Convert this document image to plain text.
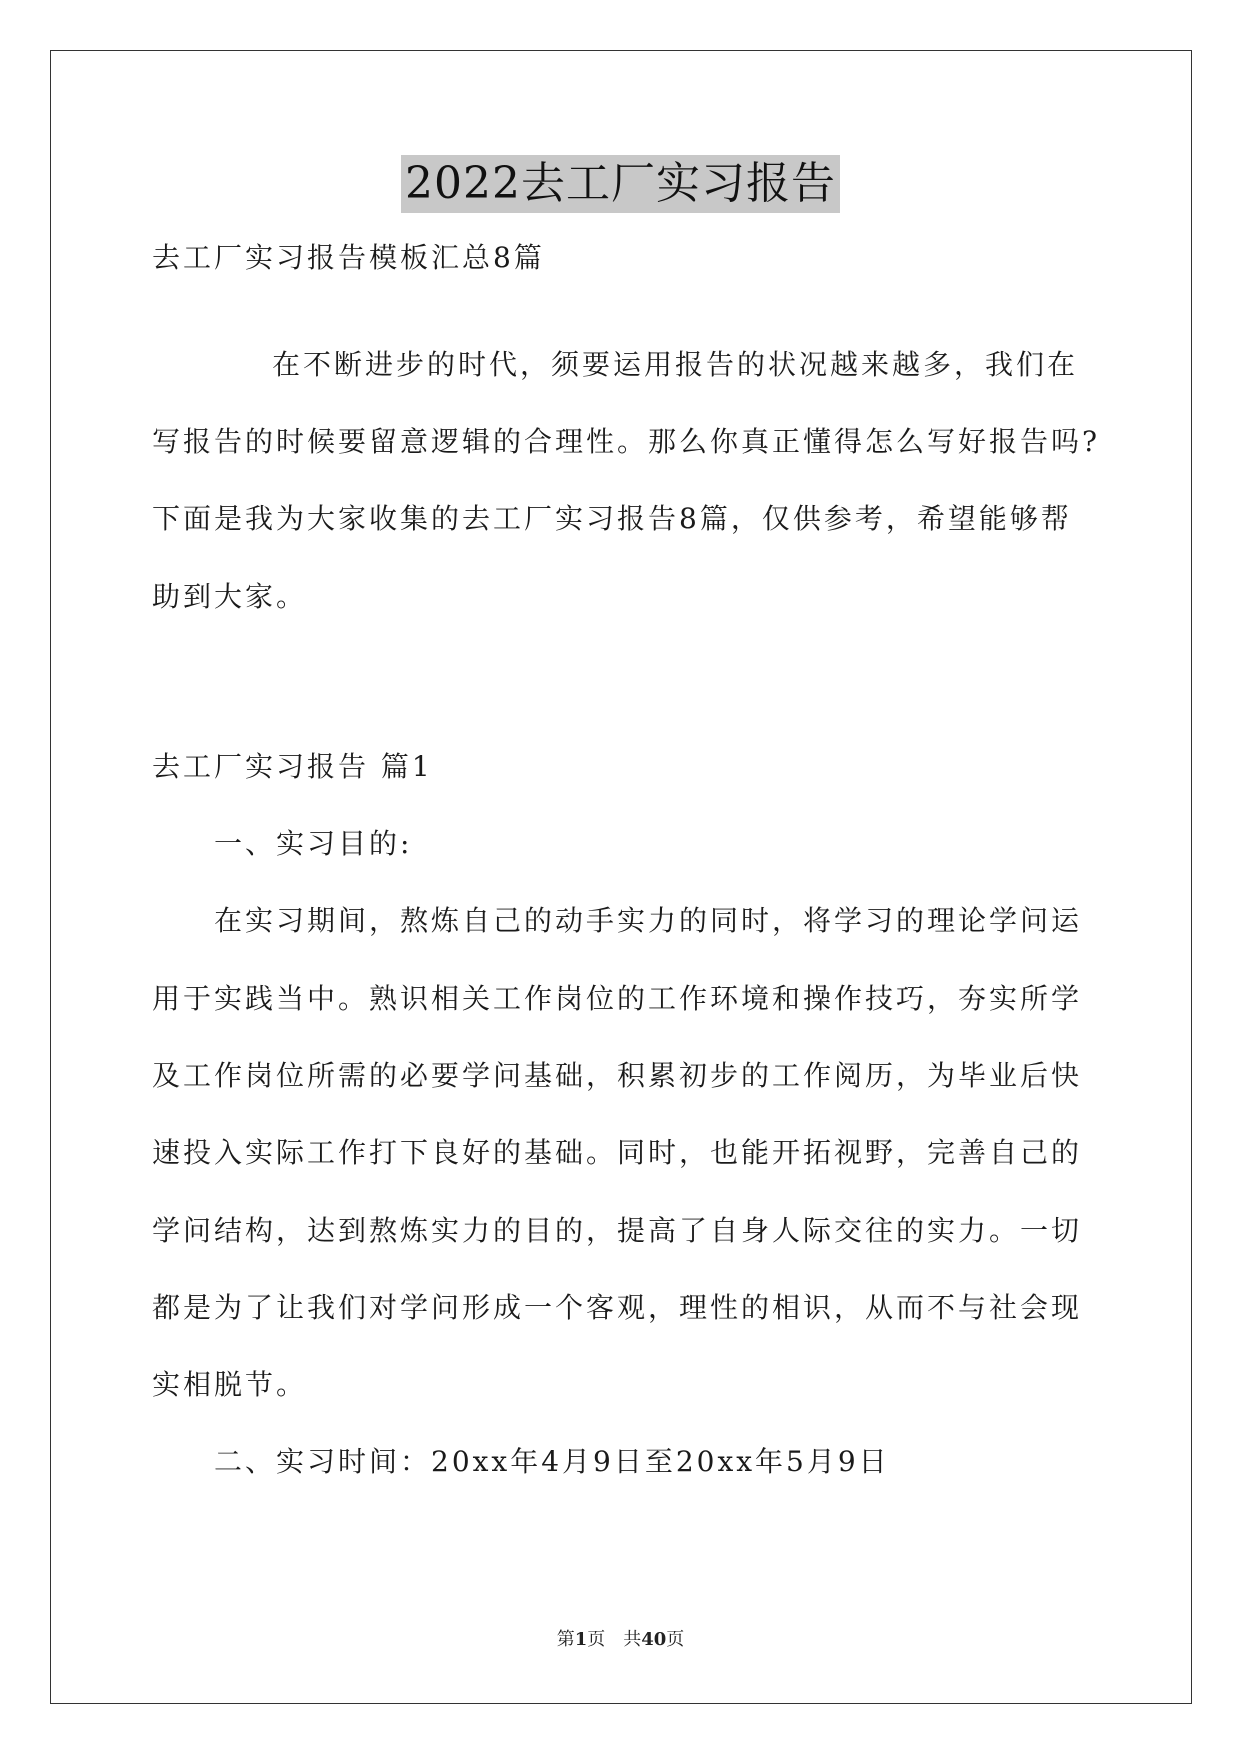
2022去工厂实习报告
去工厂实习报告模板汇总8篇
在不断进步的时代，须要运用报告的状况越来越多，我们在
写报告的时候要留意逻辑的合理性。那么你真正懂得怎么写好报告吗?
下面是我为大家收集的去工厂实习报告8篇，仅供参考，希望能够帮
助到大家。
去工厂实习报告 篇1
一、实习目的:
在实习期间，熬炼自己的动手实力的同时，将学习的理论学问运
用于实践当中。熟识相关工作岗位的工作环境和操作技巧，夯实所学
及工作岗位所需的必要学问基础，积累初步的工作阅历，为毕业后快
速投入实际工作打下良好的基础。同时，也能开拓视野，完善自己的
学问结构，达到熬炼实力的目的，提高了自身人际交往的实力。一切
都是为了让我们对学问形成一个客观，理性的相识，从而不与社会现
实相脱节。
二、实习时间：20xx年4月9日至20xx年5月9日
第1页　共40页
